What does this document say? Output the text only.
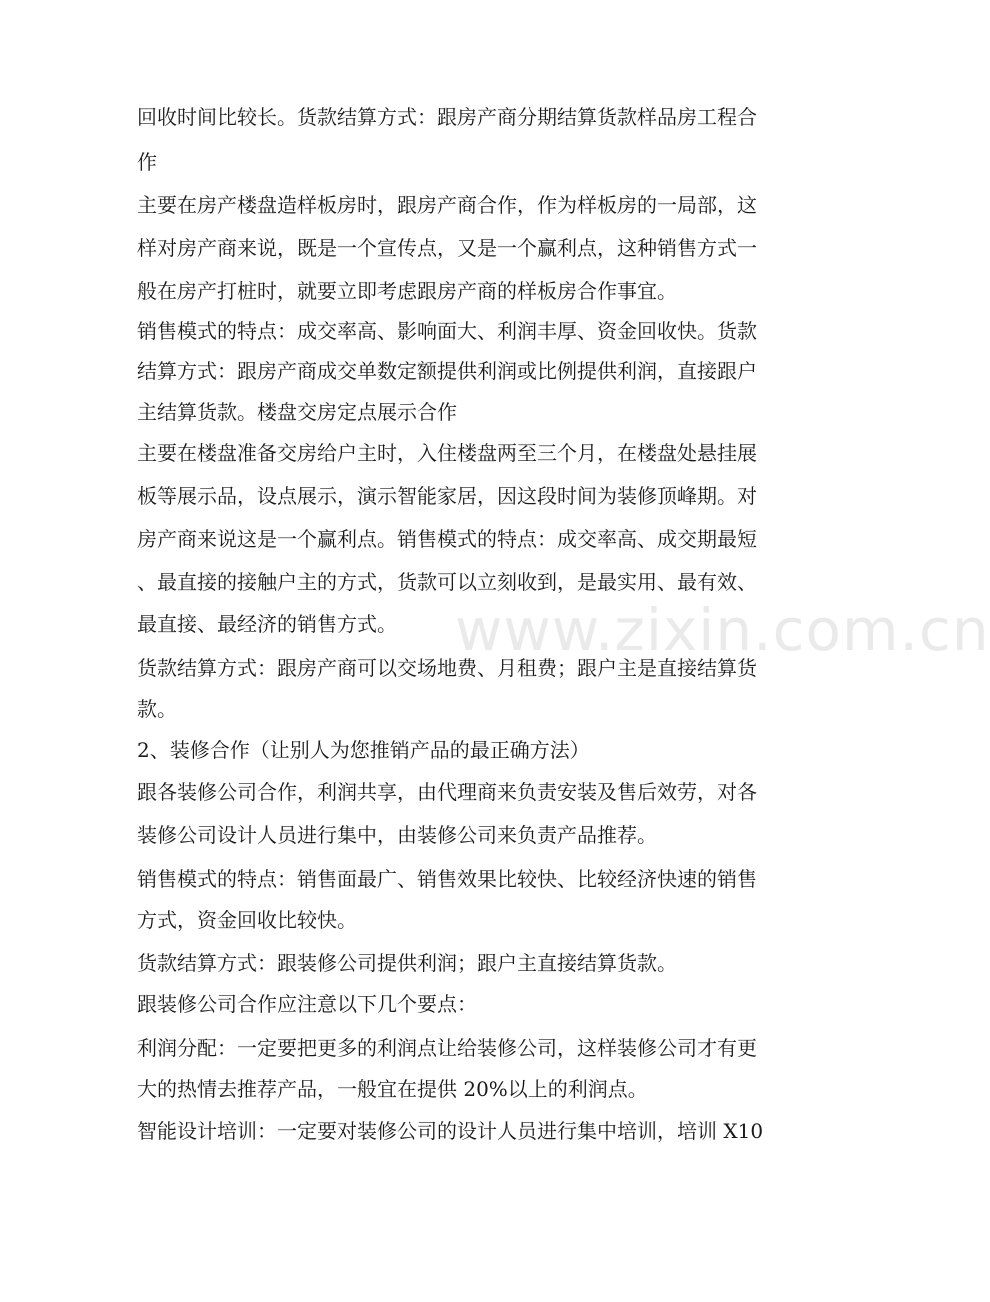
回收时间比较长。货款结算方式：跟房产商分期结算货款样品房工程合
作
主要在房产楼盘造样板房时，跟房产商合作，作为样板房的一局部，这
样对房产商来说，既是一个宣传点，又是一个赢利点，这种销售方式一
般在房产打桩时，就要立即考虑跟房产商的样板房合作事宜。
销售模式的特点：成交率高、影响面大、利润丰厚、资金回收快。货款
结算方式：跟房产商成交单数定额提供利润或比例提供利润，直接跟户
主结算货款。楼盘交房定点展示合作
主要在楼盘准备交房给户主时，入住楼盘两至三个月，在楼盘处悬挂展
板等展示品，设点展示，演示智能家居，因这段时间为装修顶峰期。对
房产商来说这是一个赢利点。销售模式的特点：成交率高、成交期最短
、最直接的接触户主的方式，货款可以立刻收到，是最实用、最有效、
最直接、最经济的销售方式。
货款结算方式：跟房产商可以交场地费、月租费；跟户主是直接结算货
款。
2、装修合作（让别人为您推销产品的最正确方法）
跟各装修公司合作，利润共享，由代理商来负责安装及售后效劳，对各
装修公司设计人员进行集中，由装修公司来负责产品推荐。
销售模式的特点：销售面最广、销售效果比较快、比较经济快速的销售
方式，资金回收比较快。
货款结算方式：跟装修公司提供利润；跟户主直接结算货款。
跟装修公司合作应注意以下几个要点：
利润分配：一定要把更多的利润点让给装修公司，这样装修公司才有更
大的热情去推荐产品，一般宜在提供 20%以上的利润点。
智能设计培训：一定要对装修公司的设计人员进行集中培训，培训 X10
www.zixin.com.cn
